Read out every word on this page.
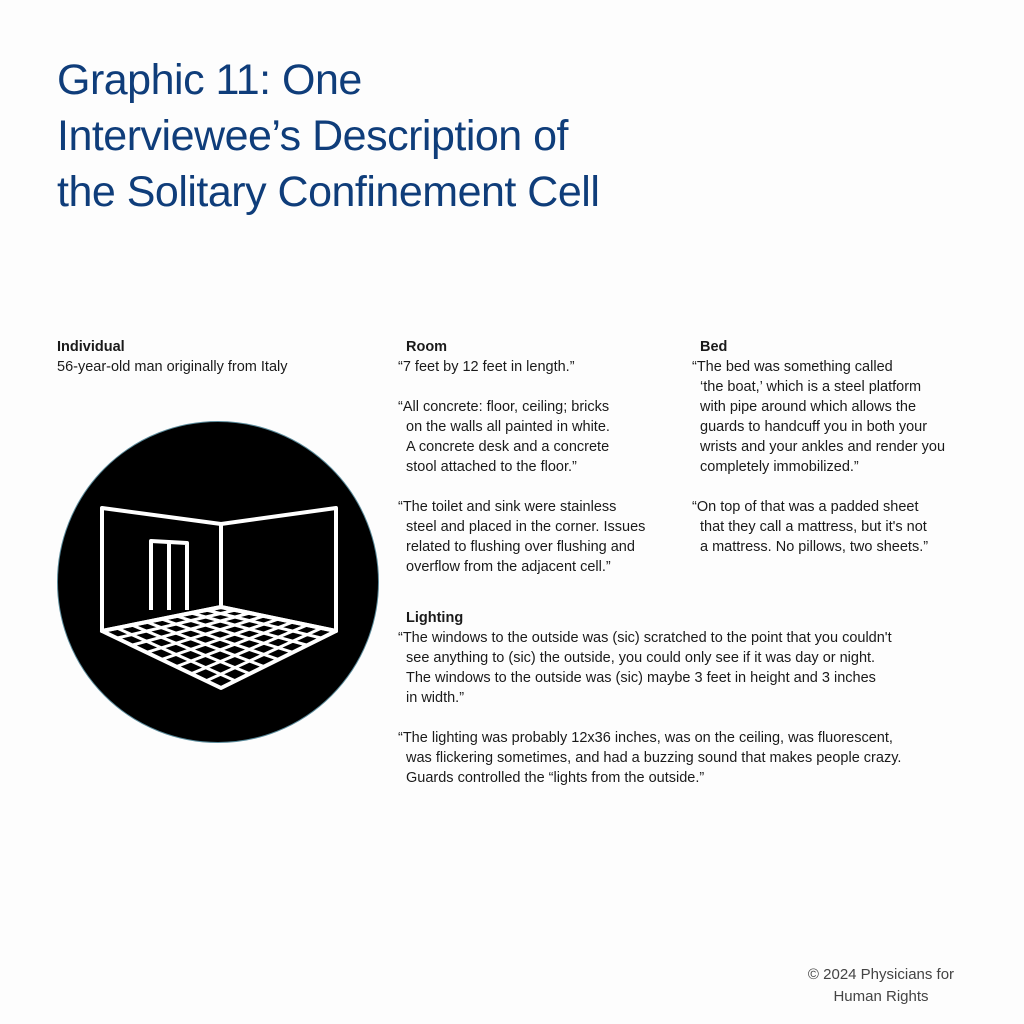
Graphic 11: One
Interviewee’s Description of
the Solitary Confinement Cell
Individual
56-year-old man originally from Italy
Room

“7 feet by 12 feet in length.”

“All concrete: floor, ceiling; bricks
on the walls all painted in white.
A concrete desk and a concrete
stool attached to the floor.”

“The toilet and sink were stainless
steel and placed in the corner. Issues
related to flushing over flushing and
overflow from the adjacent cell.”

Bed

“The bed was something called
‘the boat,’ which is a steel platform
with pipe around which allows the
guards to handcuff you in both your
wrists and your ankles and render you
completely immobilized.”

“On top of that was a padded sheet
that they call a mattress, but it's not
a mattress. No pillows, two sheets.”

Lighting

“The windows to the outside was (sic) scratched to the point that you couldn't
see anything to (sic) the outside, you could only see if it was day or night.
The windows to the outside was (sic) maybe 3 feet in height and 3 inches
in width.”

“The lighting was probably 12x36 inches, was on the ceiling, was fluorescent,
was flickering sometimes, and had a buzzing sound that makes people crazy.
Guards controlled the “lights from the outside.”

© 2024 Physicians for
Human Rights
